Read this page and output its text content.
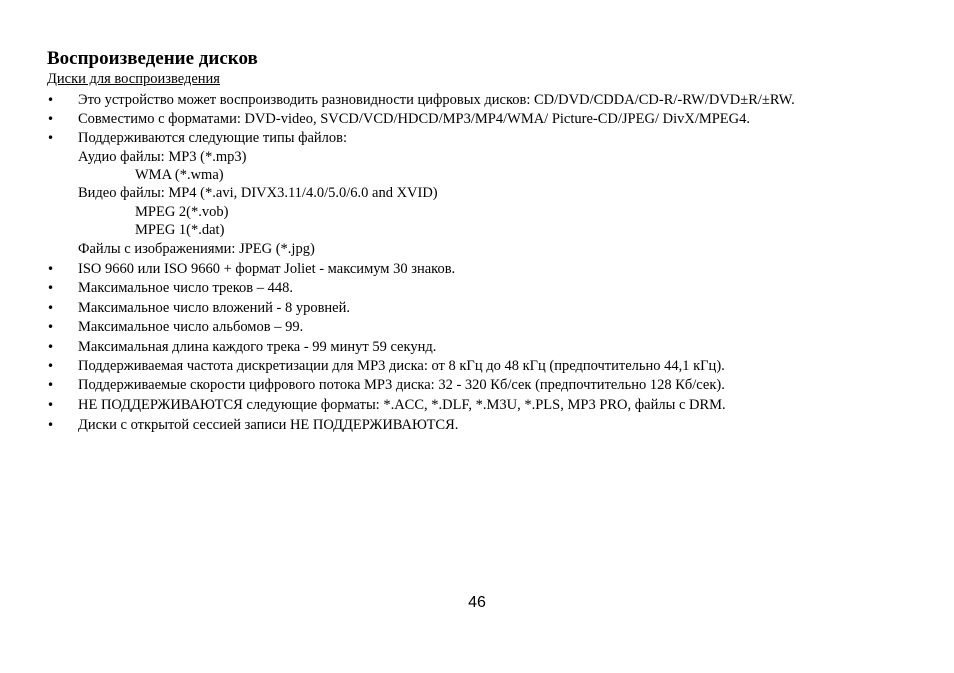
Воспроизведение дисков
Диски для воспроизведения
• Это устройство может воспроизводить разновидности цифровых дисков: CD/DVD/CDDA/CD-R/-RW/DVD±R/±RW.
• Совместимо с форматами: DVD-video, SVCD/VCD/HDCD/MP3/MP4/WMA/ Picture-CD/JPEG/ DivX/MPEG4.
• Поддерживаются следующие типы файлов:
Аудио файлы: MP3 (*.mp3)
WMA (*.wma)
Видео файлы: MP4 (*.avi, DIVX3.11/4.0/5.0/6.0 and XVID)
MPEG 2(*.vob)
MPEG 1(*.dat)
Файлы с изображениями: JPEG (*.jpg)
• ISO 9660 или ISO 9660 + формат Joliet - максимум 30 знаков.
• Максимальное число треков – 448.
• Максимальное число вложений - 8 уровней.
• Максимальное число альбомов – 99.
• Максимальная длина каждого трека - 99 минут 59 секунд.
• Поддерживаемая частота дискретизации для MP3 диска: от 8 кГц до 48 кГц (предпочтительно 44,1 кГц).
• Поддерживаемые скорости цифрового потока MP3 диска: 32 - 320 Кб/сек (предпочтительно 128 Кб/сек).
• НЕ ПОДДЕРЖИВАЮТСЯ следующие форматы: *.ACC, *.DLF, *.M3U, *.PLS, MP3 PRO, файлы с DRM.
• Диски с открытой сессией записи НЕ ПОДДЕРЖИВАЮТСЯ.
46
